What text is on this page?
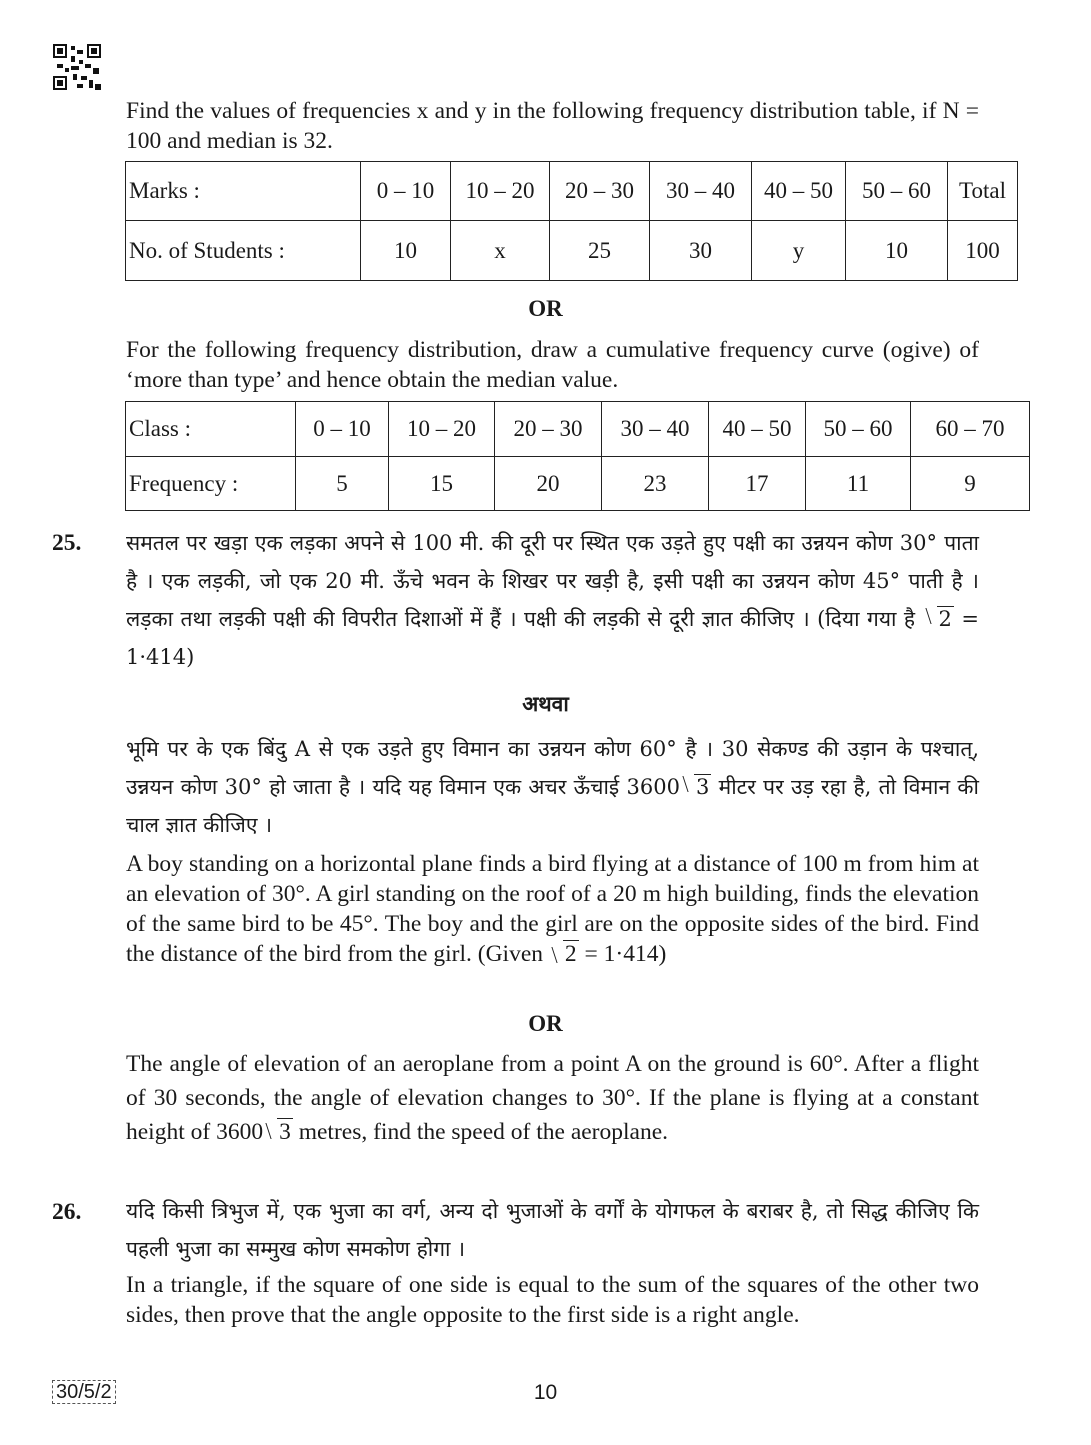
Find the values of frequencies x and y in the following frequency distribution table, if N = 100 and median is 32.

Marks :	0 – 10	10 – 20	20 – 30	30 – 40	40 – 50	50 – 60	Total
No. of Students :	10	x	25	30	y	10	100
OR

For the following frequency distribution, draw a cumulative frequency curve (ogive) of ‘more than type’ and hence obtain the median value.

Class :	0 – 10	10 – 20	20 – 30	30 – 40	40 – 50	50 – 60	60 – 70
Frequency :	5	15	20	23	17	11	9
25. समतल पर खड़ा एक लड़का अपने से 100 मी. की दूरी पर स्थित एक उड़ते हुए पक्षी का उन्नयन कोण 30° पाता है । एक लड़की, जो एक 20 मी. ऊँचे भवन के शिखर पर खड़ी है, इसी पक्षी का उन्नयन कोण 45° पाती है । लड़का तथा लड़की पक्षी की विपरीत दिशाओं में हैं । पक्षी की लड़की से दूरी ज्ञात कीजिए । (दिया गया है 2 = 1·414)

अथवा

भूमि पर के एक बिंदु A से एक उड़ते हुए विमान का उन्नयन कोण 60° है । 30 सेकण्ड की उड़ान के पश्चात्, उन्नयन कोण 30° हो जाता है । यदि यह विमान एक अचर ऊँचाई 3600 3 मीटर पर उड़ रहा है, तो विमान की चाल ज्ञात कीजिए ।

A boy standing on a horizontal plane finds a bird flying at a distance of 100 m from him at an elevation of 30°. A girl standing on the roof of a 20 m high building, finds the elevation of the same bird to be 45°. The boy and the girl are on the opposite sides of the bird. Find the distance of the bird from the girl. (Given 2 = 1·414)

OR

The angle of elevation of an aeroplane from a point A on the ground is 60°. After a flight of 30 seconds, the angle of elevation changes to 30°. If the plane is flying at a constant height of 3600 3 metres, find the speed of the aeroplane.

26. यदि किसी त्रिभुज में, एक भुजा का वर्ग, अन्य दो भुजाओं के वर्गों के योगफल के बराबर है, तो सिद्ध कीजिए कि पहली भुजा का सम्मुख कोण समकोण होगा ।

In a triangle, if the square of one side is equal to the sum of the squares of the other two sides, then prove that the angle opposite to the first side is a right angle.

30/5/2	10
